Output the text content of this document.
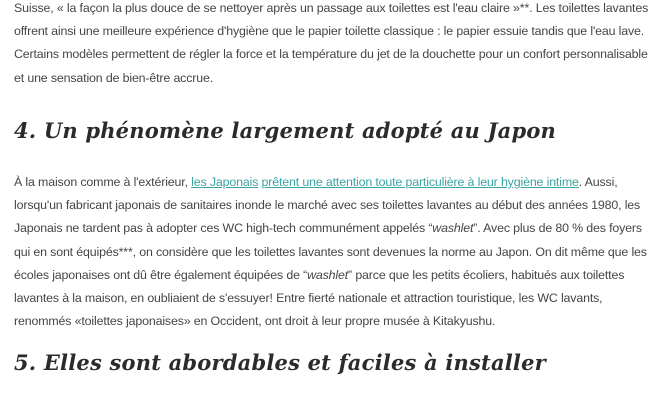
Suisse, « la façon la plus douce de se nettoyer après un passage aux toilettes est l'eau claire »**. Les toilettes lavantes offrent ainsi une meilleure expérience d'hygiène que le papier toilette classique : le papier essuie tandis que l'eau lave. Certains modèles permettent de régler la force et la température du jet de la douchette pour un confort personnalisable et une sensation de bien-être accrue.

4. Un phénomène largement adopté au Japon

À la maison comme à l'extérieur, les Japonais prêtent une attention toute particulière à leur hygiène intime. Aussi, lorsqu'un fabricant japonais de sanitaires inonde le marché avec ses toilettes lavantes au début des années 1980, les Japonais ne tardent pas à adopter ces WC high-tech communément appelés “washlet”. Avec plus de 80 % des foyers qui en sont équipés***, on considère que les toilettes lavantes sont devenues la norme au Japon. On dit même que les écoles japonaises ont dû être également équipées de “washlet” parce que les petits écoliers, habitués aux toilettes lavantes à la maison, en oubliaient de s'essuyer! Entre fierté nationale et attraction touristique, les WC lavants, renommés «toilettes japonaises» en Occident, ont droit à leur propre musée à Kitakyushu.

5. Elles sont abordables et faciles à installer
